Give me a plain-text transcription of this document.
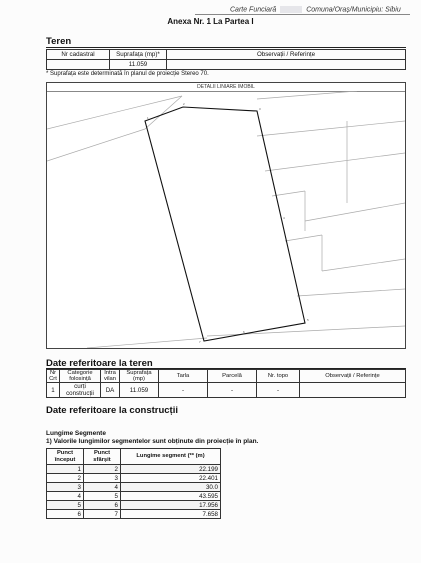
Carte Funciară	Comuna/Oraș/Municipiu: Sibiu
Anexa Nr. 1 La Partea I
Teren
Nr cadastral	Suprafața (mp)*	Observații / Referințe
	11.059	
* Suprafața este determinată în planul de proiecție Stereo 70.
DETALII LINIARE IMOBIL
1
2
3
4
5
6
7
Date referitoare la teren
Nr Crt	Categorie folosință	Intra vilan	Suprafața (mp)	Tarla	Parcelă	Nr. topo	Observații / Referințe
1	curți construcții	DA	11.059	-	-	-	
Date referitoare la construcții
Lungime Segmente
1) Valorile lungimilor segmentelor sunt obținute din proiecție în plan.
Punct început	Punct sfârșit	Lungime segment (** (m)
1	2	22.199
2	3	22.401
3	4	30.0
4	5	43.595
5	6	17.956
6	7	7.658
